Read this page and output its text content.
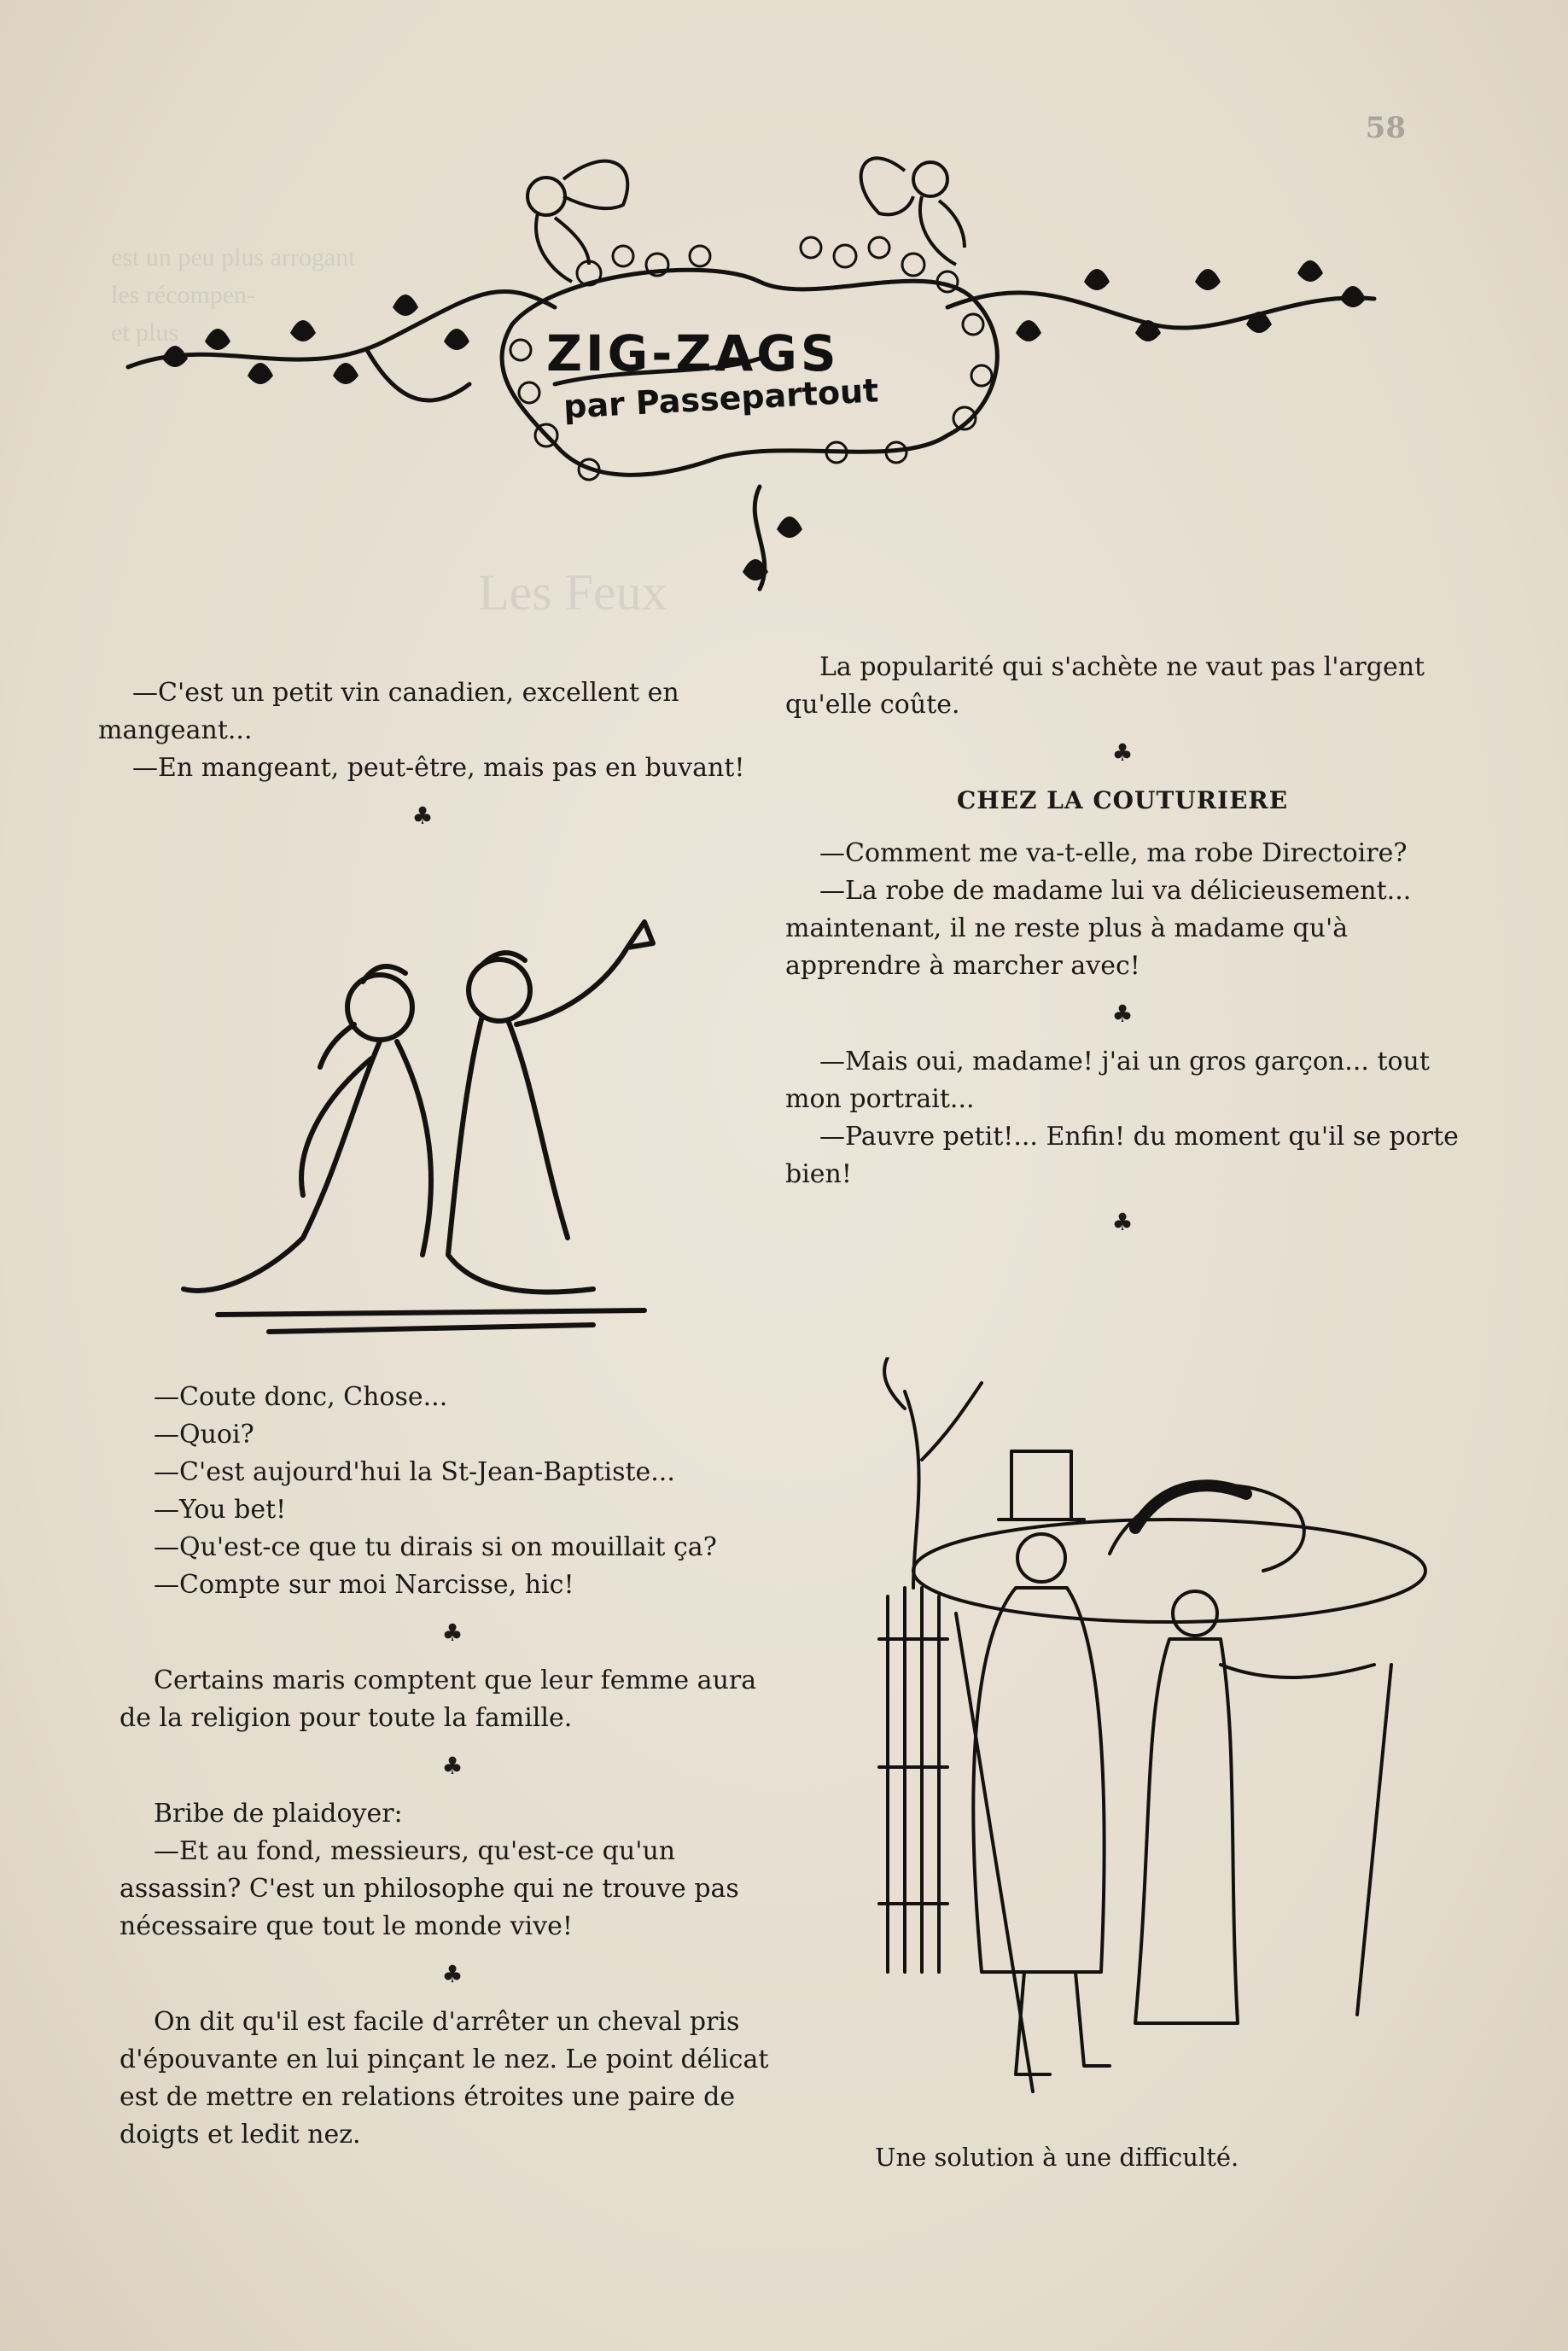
est un peu plus arrogant
les récompen-
et plus
Les Feux
58
ZIG-ZAGS
par Passepartout

—C'est un petit vin canadien, excellent en mangeant...

—En mangeant, peut-être, mais pas en buvant!

♣

—Coute donc, Chose...

—Quoi?

—C'est aujourd'hui la St-Jean-Baptiste...

—You bet!

—Qu'est-ce que tu dirais si on mouillait ça?

—Compte sur moi Narcisse, hic!

♣

Certains maris comptent que leur femme aura de la religion pour toute la famille.

♣

Bribe de plaidoyer:

—Et au fond, messieurs, qu'est-ce qu'un assassin? C'est un philosophe qui ne trouve pas nécessaire que tout le monde vive!

♣

On dit qu'il est facile d'arrêter un cheval pris d'épouvante en lui pinçant le nez. Le point délicat est de mettre en relations étroites une paire de doigts et ledit nez.

La popularité qui s'achète ne vaut pas l'argent qu'elle coûte.

♣
CHEZ LA COUTURIERE

—Comment me va-t-elle, ma robe Directoire?

—La robe de madame lui va délicieusement... maintenant, il ne reste plus à madame qu'à apprendre à marcher avec!

♣

—Mais oui, madame! j'ai un gros garçon... tout mon portrait...

—Pauvre petit!... Enfin! du moment qu'il se porte bien!

♣
Une solution à une difficulté.
